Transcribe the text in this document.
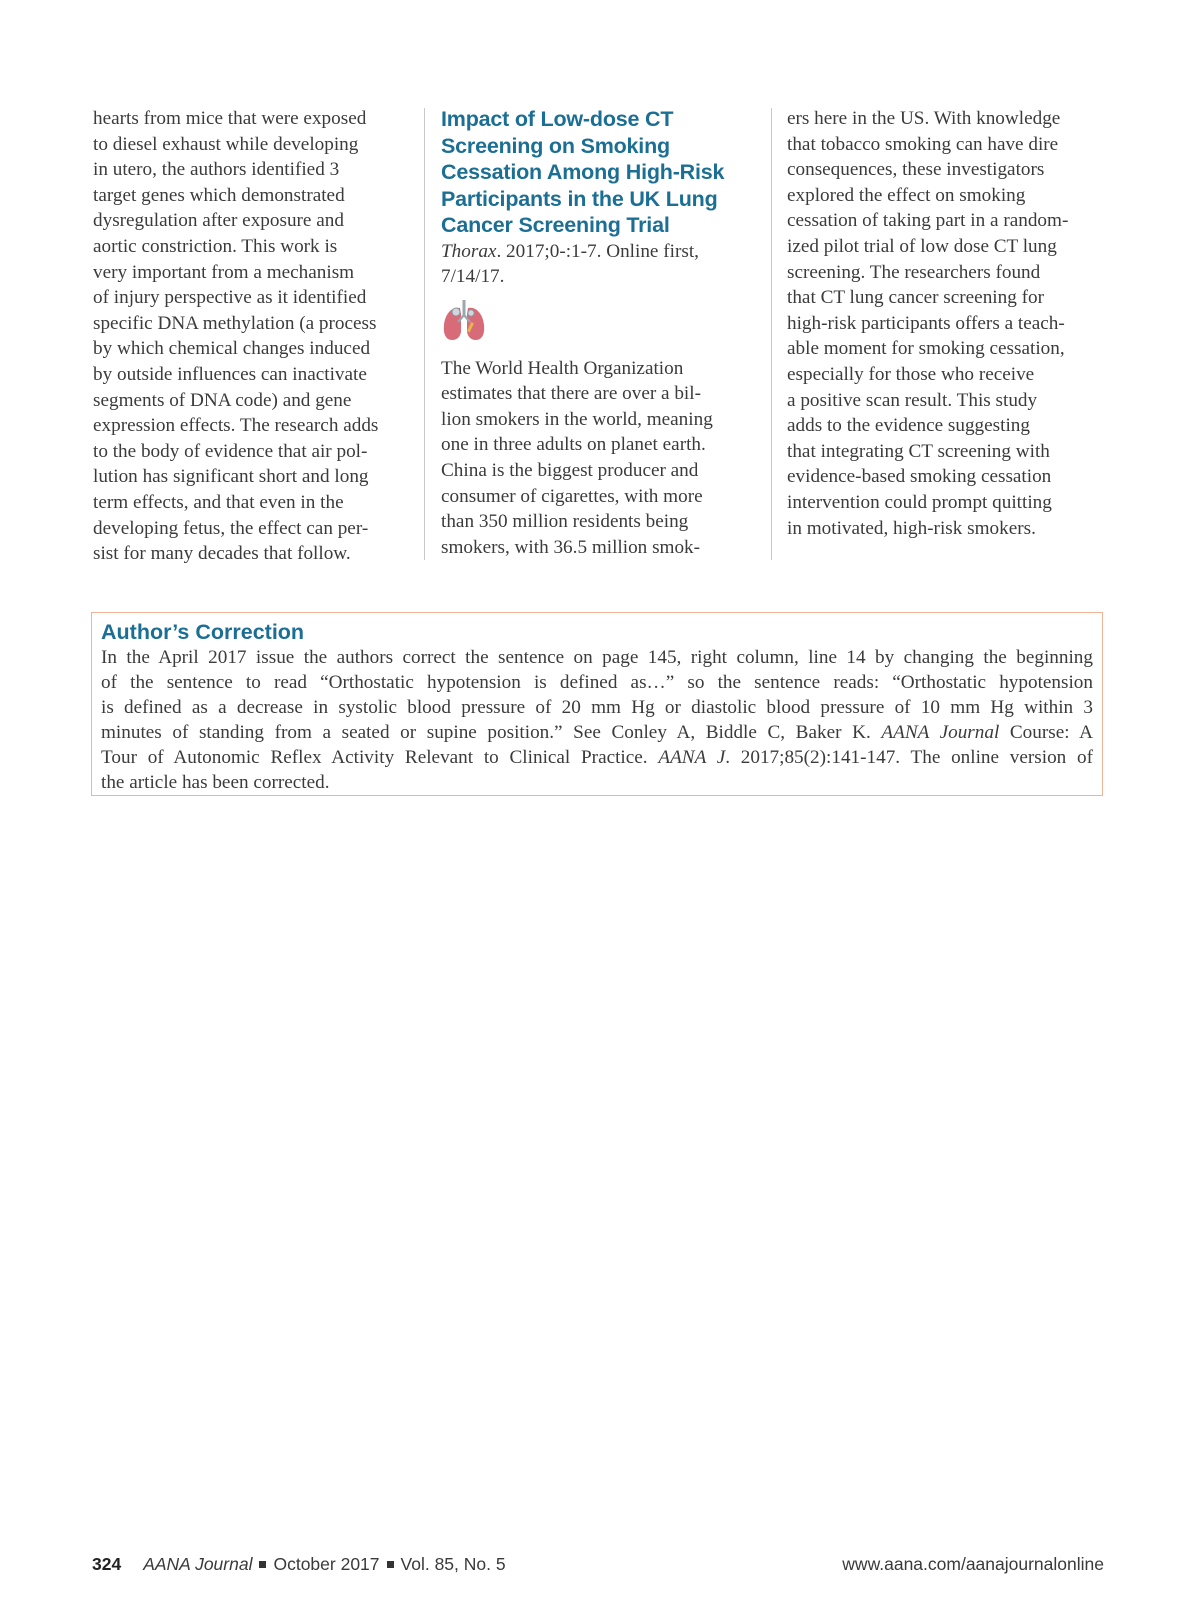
hearts from mice that were exposed
to diesel exhaust while developing
in utero, the authors identified 3
target genes which demonstrated
dysregulation after exposure and
aortic constriction. This work is
very important from a mechanism
of injury perspective as it identified
specific DNA methylation (a process
by which chemical changes induced
by outside influences can inactivate
segments of DNA code) and gene
expression effects. The research adds
to the body of evidence that air pol-
lution has significant short and long
term effects, and that even in the
developing fetus, the effect can per-
sist for many decades that follow.
Impact of Low-dose CT
Screening on Smoking
Cessation Among High-Risk
Participants in the UK Lung
Cancer Screening Trial
Thorax. 2017;0-:1-7. Online first,
7/14/17.
The World Health Organization
estimates that there are over a bil-
lion smokers in the world, meaning
one in three adults on planet earth.
China is the biggest producer and
consumer of cigarettes, with more
than 350 million residents being
smokers, with 36.5 million smok-
ers here in the US. With knowledge
that tobacco smoking can have dire
consequences, these investigators
explored the effect on smoking
cessation of taking part in a random-
ized pilot trial of low dose CT lung
screening. The researchers found
that CT lung cancer screening for
high-risk participants offers a teach-
able moment for smoking cessation,
especially for those who receive
a positive scan result. This study
adds to the evidence suggesting
that integrating CT screening with
evidence-based smoking cessation
intervention could prompt quitting
in motivated, high-risk smokers.
Author’s Correction
In the April 2017 issue the authors correct the sentence on page 145, right column, line 14 by changing the beginning
of the sentence to read “Orthostatic hypotension is defined as…” so the sentence reads: “Orthostatic hypotension
is defined as a decrease in systolic blood pressure of 20 mm Hg or diastolic blood pressure of 10 mm Hg within 3
minutes of standing from a seated or supine position.” See Conley A, Biddle C, Baker K. AANA Journal Course: A
Tour of Autonomic Reflex Activity Relevant to Clinical Practice. AANA J. 2017;85(2):141-147. The online version of
the article has been corrected.
324 AANA Journal October 2017 Vol. 85, No. 5	www.aana.com/aanajournalonline
